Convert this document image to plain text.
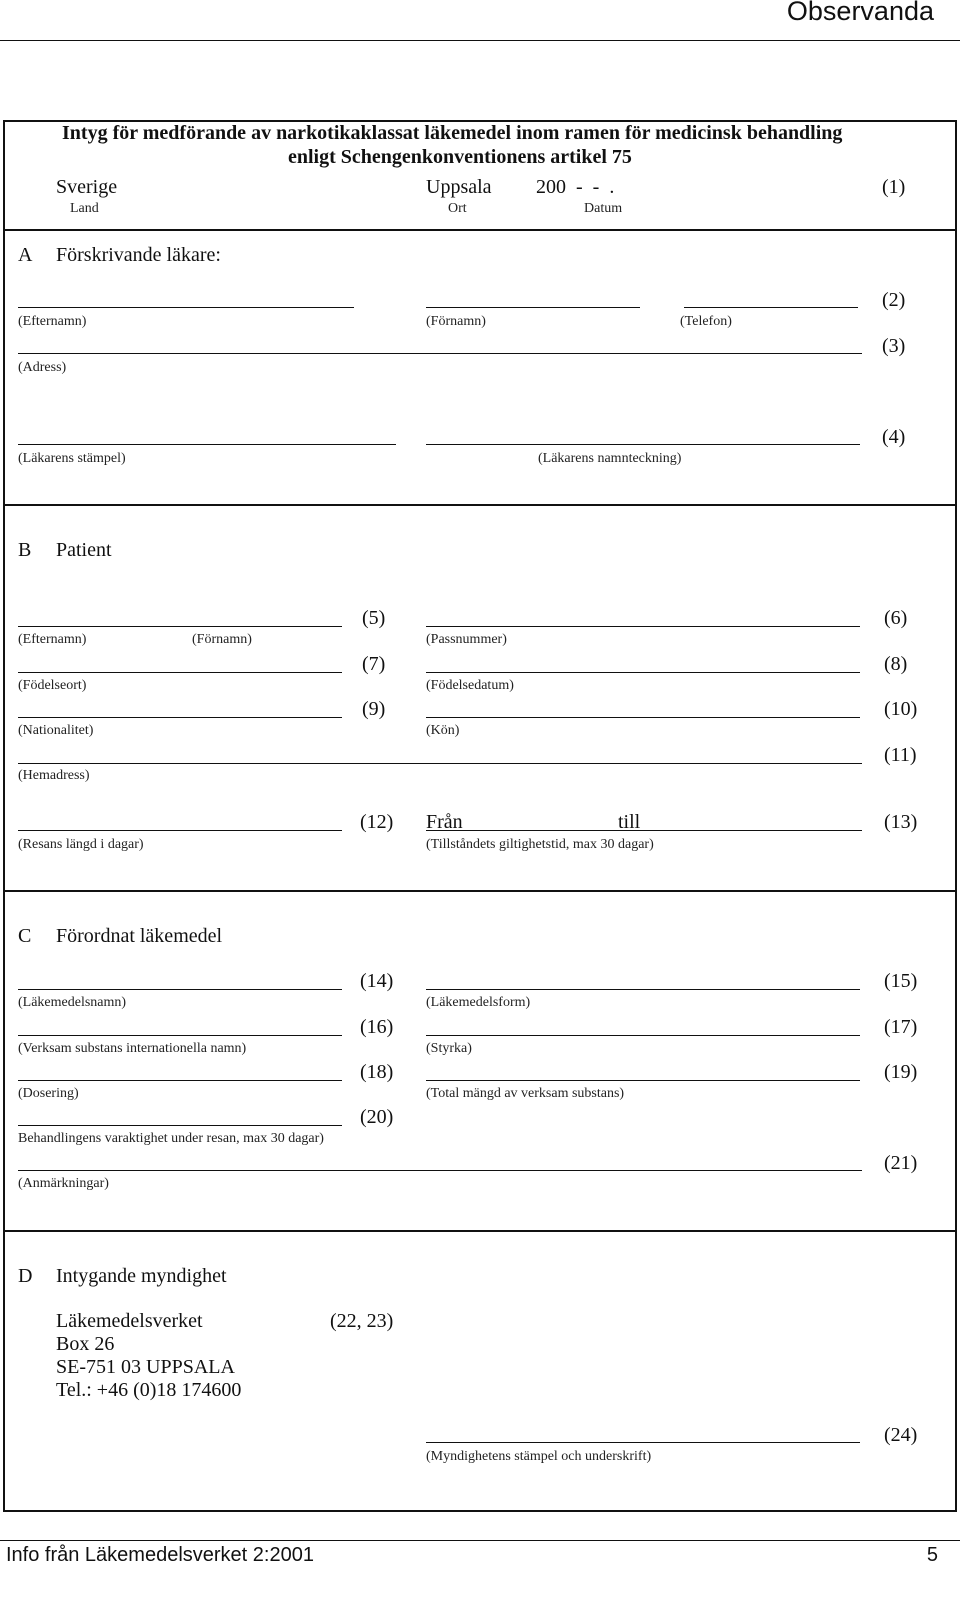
Observanda
Intyg för medförande av narkotikaklassat läkemedel inom ramen för medicinsk behandling
enligt Schengenkonventionens artikel 75
Sverige	Uppsala 200  -  -  .	(1)
Land	Ort	Datum
A Förskrivande läkare:
(2)
(Efternamn)	(Förnamn)	(Telefon)
(3)
(Adress)
(4)
(Läkarens stämpel)	(Läkarens namnteckning)
B Patient
(5)	(6)
(Efternamn)	(Förnamn)	(Passnummer)
(7)	(8)
(Födelseort)	(Födelsedatum)
(9)	(10)
(Nationalitet)	(Kön)
(11)
(Hemadress)
(12) Från	till	(13)
(Resans längd i dagar)	(Tillståndets giltighetstid, max 30 dagar)
C Förordnat läkemedel
(14)	(15)
(Läkemedelsnamn)	(Läkemedelsform)
(16)	(17)
(Verksam substans internationella namn)	(Styrka)
(18)	(19)
(Dosering)	(Total mängd av verksam substans)
(20)
Behandlingens varaktighet under resan, max 30 dagar)
(21)
(Anmärkningar)
D Intygande myndighet
Läkemedelsverket	(22, 23)
Box 26
SE-751 03 UPPSALA
Tel.: +46 (0)18 174600
(24)
(Myndighetens stämpel och underskrift)
Info från Läkemedelsverket 2:2001	5
